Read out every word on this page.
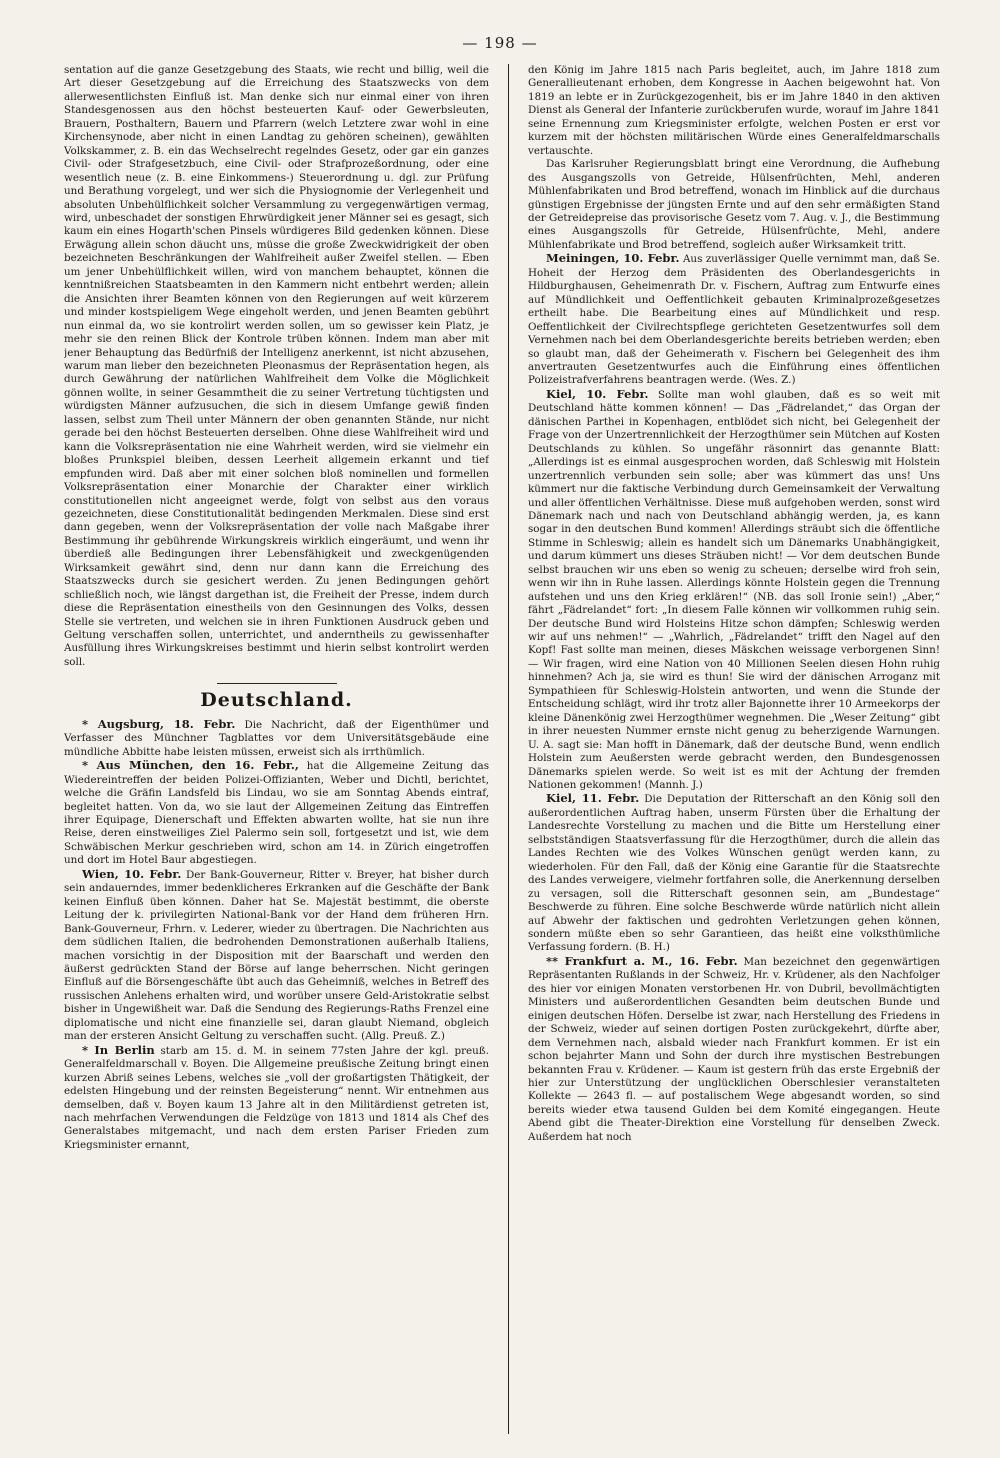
— 198 —

sentation auf die ganze Gesetzgebung des Staats, wie recht und billig, weil die Art dieser Gesetzgebung auf die Erreichung des Staatszwecks von dem allerwesentlichsten Einfluß ist. Man denke sich nur einmal einer von ihren Standesgenossen aus den höchst besteuerten Kauf- oder Gewerbsleuten, Brauern, Posthaltern, Bauern und Pfarrern (welch Letztere zwar wohl in eine Kirchensynode, aber nicht in einen Landtag zu gehören scheinen), gewählten Volkskammer, z. B. ein das Wechselrecht regelndes Gesetz, oder gar ein ganzes Civil- oder Strafgesetzbuch, eine Civil- oder Strafprozeßordnung, oder eine wesentlich neue (z. B. eine Einkommens-) Steuerordnung u. dgl. zur Prüfung und Berathung vorgelegt, und wer sich die Physiognomie der Verlegenheit und absoluten Unbehülflichkeit solcher Versammlung zu vergegenwärtigen vermag, wird, unbeschadet der sonstigen Ehrwürdigkeit jener Männer sei es gesagt, sich kaum ein eines Hogarth'schen Pinsels würdigeres Bild gedenken können. Diese Erwägung allein schon däucht uns, müsse die große Zweckwidrigkeit der oben bezeichneten Beschränkungen der Wahlfreiheit außer Zweifel stellen. — Eben um jener Unbehülflichkeit willen, wird von manchem behauptet, können die kenntnißreichen Staatsbeamten in den Kammern nicht entbehrt werden; allein die Ansichten ihrer Beamten können von den Regierungen auf weit kürzerem und minder kostspieligem Wege eingeholt werden, und jenen Beamten gebührt nun einmal da, wo sie kontrolirt werden sollen, um so gewisser kein Platz, je mehr sie den reinen Blick der Kontrole trüben können. Indem man aber mit jener Behauptung das Bedürfniß der Intelligenz anerkennt, ist nicht abzusehen, warum man lieber den bezeichneten Pleonasmus der Repräsentation hegen, als durch Gewährung der natürlichen Wahlfreiheit dem Volke die Möglichkeit gönnen wollte, in seiner Gesammtheit die zu seiner Vertretung tüchtigsten und würdigsten Männer aufzusuchen, die sich in diesem Umfange gewiß finden lassen, selbst zum Theil unter Männern der oben genannten Stände, nur nicht gerade bei den höchst Besteuerten derselben. Ohne diese Wahlfreiheit wird und kann die Volksrepräsentation nie eine Wahrheit werden, wird sie vielmehr ein bloßes Prunkspiel bleiben, dessen Leerheit allgemein erkannt und tief empfunden wird. Daß aber mit einer solchen bloß nominellen und formellen Volksrepräsentation einer Monarchie der Charakter einer wirklich constitutionellen nicht angeeignet werde, folgt von selbst aus den voraus gezeichneten, diese Constitutionalität bedingenden Merkmalen. Diese sind erst dann gegeben, wenn der Volksrepräsentation der volle nach Maßgabe ihrer Bestimmung ihr gebührende Wirkungskreis wirklich eingeräumt, und wenn ihr überdieß alle Bedingungen ihrer Lebensfähigkeit und zweckgenügenden Wirksamkeit gewährt sind, denn nur dann kann die Erreichung des Staatszwecks durch sie gesichert werden. Zu jenen Bedingungen gehört schließlich noch, wie längst dargethan ist, die Freiheit der Presse, indem durch diese die Repräsentation einestheils von den Gesinnungen des Volks, dessen Stelle sie vertreten, und welchen sie in ihren Funktionen Ausdruck geben und Geltung verschaffen sollen, unterrichtet, und anderntheils zu gewissenhafter Ausfüllung ihres Wirkungskreises bestimmt und hierin selbst kontrolirt werden soll.

Deutschland.

* Augsburg, 18. Febr. Die Nachricht, daß der Eigenthümer und Verfasser des Münchner Tagblattes vor dem Universitätsgebäude eine mündliche Abbitte habe leisten müssen, erweist sich als irrthümlich.

* Aus München, den 16. Febr., hat die Allgemeine Zeitung das Wiedereintreffen der beiden Polizei-Offizianten, Weber und Dichtl, berichtet, welche die Gräfin Landsfeld bis Lindau, wo sie am Sonntag Abends eintraf, begleitet hatten. Von da, wo sie laut der Allgemeinen Zeitung das Eintreffen ihrer Equipage, Dienerschaft und Effekten abwarten wollte, hat sie nun ihre Reise, deren einstweiliges Ziel Palermo sein soll, fortgesetzt und ist, wie dem Schwäbischen Merkur geschrieben wird, schon am 14. in Zürich eingetroffen und dort im Hotel Baur abgestiegen.

Wien, 10. Febr. Der Bank-Gouverneur, Ritter v. Breyer, hat bisher durch sein andauerndes, immer bedenklicheres Erkranken auf die Geschäfte der Bank keinen Einfluß üben können. Daher hat Se. Majestät bestimmt, die oberste Leitung der k. privilegirten National-Bank vor der Hand dem früheren Hrn. Bank-Gouverneur, Frhrn. v. Lederer, wieder zu übertragen. Die Nachrichten aus dem südlichen Italien, die bedrohenden Demonstrationen außerhalb Italiens, machen vorsichtig in der Disposition mit der Baarschaft und werden den äußerst gedrückten Stand der Börse auf lange beherrschen. Nicht geringen Einfluß auf die Börsengeschäfte übt auch das Geheimniß, welches in Betreff des russischen Anlehens erhalten wird, und worüber unsere Geld-Aristokratie selbst bisher in Ungewißheit war. Daß die Sendung des Regierungs-Raths Frenzel eine diplomatische und nicht eine finanzielle sei, daran glaubt Niemand, obgleich man der ersteren Ansicht Geltung zu verschaffen sucht. (Allg. Preuß. Z.)

* In Berlin starb am 15. d. M. in seinem 77sten Jahre der kgl. preuß. Generalfeldmarschall v. Boyen. Die Allgemeine preußische Zeitung bringt einen kurzen Abriß seines Lebens, welches sie „voll der großartigsten Thätigkeit, der edelsten Hingebung und der reinsten Begeisterung“ nennt. Wir entnehmen aus demselben, daß v. Boyen kaum 13 Jahre alt in den Militärdienst getreten ist, nach mehrfachen Verwendungen die Feldzüge von 1813 und 1814 als Chef des Generalstabes mitgemacht, und nach dem ersten Pariser Frieden zum Kriegsminister ernannt,

den König im Jahre 1815 nach Paris begleitet, auch, im Jahre 1818 zum Generallieutenant erhoben, dem Kongresse in Aachen beigewohnt hat. Von 1819 an lebte er in Zurückgezogenheit, bis er im Jahre 1840 in den aktiven Dienst als General der Infanterie zurückberufen wurde, worauf im Jahre 1841 seine Ernennung zum Kriegsminister erfolgte, welchen Posten er erst vor kurzem mit der höchsten militärischen Würde eines Generalfeldmarschalls vertauschte.

Das Karlsruher Regierungsblatt bringt eine Verordnung, die Aufhebung des Ausgangszolls von Getreide, Hülsenfrüchten, Mehl, anderen Mühlenfabrikaten und Brod betreffend, wonach im Hinblick auf die durchaus günstigen Ergebnisse der jüngsten Ernte und auf den sehr ermäßigten Stand der Getreidepreise das provisorische Gesetz vom 7. Aug. v. J., die Bestimmung eines Ausgangszolls für Getreide, Hülsenfrüchte, Mehl, andere Mühlenfabrikate und Brod betreffend, sogleich außer Wirksamkeit tritt.

Meiningen, 10. Febr. Aus zuverlässiger Quelle vernimmt man, daß Se. Hoheit der Herzog dem Präsidenten des Oberlandesgerichts in Hildburghausen, Geheimenrath Dr. v. Fischern, Auftrag zum Entwurfe eines auf Mündlichkeit und Oeffentlichkeit gebauten Kriminalprozeßgesetzes ertheilt habe. Die Bearbeitung eines auf Mündlichkeit und resp. Oeffentlichkeit der Civilrechtspflege gerichteten Gesetzentwurfes soll dem Vernehmen nach bei dem Oberlandesgerichte bereits betrieben werden; eben so glaubt man, daß der Geheimerath v. Fischern bei Gelegenheit des ihm anvertrauten Gesetzentwurfes auch die Einführung eines öffentlichen Polizeistrafverfahrens beantragen werde. (Wes. Z.)

Kiel, 10. Febr. Sollte man wohl glauben, daß es so weit mit Deutschland hätte kommen können! — Das „Fädrelandet,“ das Organ der dänischen Parthei in Kopenhagen, entblödet sich nicht, bei Gelegenheit der Frage von der Unzertrennlichkeit der Herzogthümer sein Mütchen auf Kosten Deutschlands zu kühlen. So ungefähr räsonnirt das genannte Blatt: „Allerdings ist es einmal ausgesprochen worden, daß Schleswig mit Holstein unzertrennlich verbunden sein solle; aber was kümmert das uns! Uns kümmert nur die faktische Verbindung durch Gemeinsamkeit der Verwaltung und aller öffentlichen Verhältnisse. Diese muß aufgehoben werden, sonst wird Dänemark nach und nach von Deutschland abhängig werden, ja, es kann sogar in den deutschen Bund kommen! Allerdings sträubt sich die öffentliche Stimme in Schleswig; allein es handelt sich um Dänemarks Unabhängigkeit, und darum kümmert uns dieses Sträuben nicht! — Vor dem deutschen Bunde selbst brauchen wir uns eben so wenig zu scheuen; derselbe wird froh sein, wenn wir ihn in Ruhe lassen. Allerdings könnte Holstein gegen die Trennung aufstehen und uns den Krieg erklären!“ (NB. das soll Ironie sein!) „Aber,“ fährt „Fädrelandet“ fort: „In diesem Falle können wir vollkommen ruhig sein. Der deutsche Bund wird Holsteins Hitze schon dämpfen; Schleswig werden wir auf uns nehmen!“ — „Wahrlich, „Fädrelandet“ trifft den Nagel auf den Kopf! Fast sollte man meinen, dieses Mäskchen weissage verborgenen Sinn! — Wir fragen, wird eine Nation von 40 Millionen Seelen diesen Hohn ruhig hinnehmen? Ach ja, sie wird es thun! Sie wird der dänischen Arroganz mit Sympathieen für Schleswig-Holstein antworten, und wenn die Stunde der Entscheidung schlägt, wird ihr trotz aller Bajonnette ihrer 10 Armeekorps der kleine Dänenkönig zwei Herzogthümer wegnehmen. Die „Weser Zeitung“ gibt in ihrer neuesten Nummer ernste nicht genug zu beherzigende Warnungen. U. A. sagt sie: Man hofft in Dänemark, daß der deutsche Bund, wenn endlich Holstein zum Aeußersten werde gebracht werden, den Bundesgenossen Dänemarks spielen werde. So weit ist es mit der Achtung der fremden Nationen gekommen! (Mannh. J.)

Kiel, 11. Febr. Die Deputation der Ritterschaft an den König soll den außerordentlichen Auftrag haben, unserm Fürsten über die Erhaltung der Landesrechte Vorstellung zu machen und die Bitte um Herstellung einer selbstständigen Staatsverfassung für die Herzogthümer, durch die allein das Landes Rechten wie des Volkes Wünschen genügt werden kann, zu wiederholen. Für den Fall, daß der König eine Garantie für die Staatsrechte des Landes verweigere, vielmehr fortfahren solle, die Anerkennung derselben zu versagen, soll die Ritterschaft gesonnen sein, am „Bundestage“ Beschwerde zu führen. Eine solche Beschwerde würde natürlich nicht allein auf Abwehr der faktischen und gedrohten Verletzungen gehen können, sondern müßte eben so sehr Garantieen, das heißt eine volksthümliche Verfassung fordern. (B. H.)

** Frankfurt a. M., 16. Febr. Man bezeichnet den gegenwärtigen Repräsentanten Rußlands in der Schweiz, Hr. v. Krüdener, als den Nachfolger des hier vor einigen Monaten verstorbenen Hr. von Dubril, bevollmächtigten Ministers und außerordentlichen Gesandten beim deutschen Bunde und einigen deutschen Höfen. Derselbe ist zwar, nach Herstellung des Friedens in der Schweiz, wieder auf seinen dortigen Posten zurückgekehrt, dürfte aber, dem Vernehmen nach, alsbald wieder nach Frankfurt kommen. Er ist ein schon bejahrter Mann und Sohn der durch ihre mystischen Bestrebungen bekannten Frau v. Krüdener. — Kaum ist gestern früh das erste Ergebniß der hier zur Unterstützung der unglücklichen Oberschlesier veranstalteten Kollekte — 2643 fl. — auf postalischem Wege abgesandt worden, so sind bereits wieder etwa tausend Gulden bei dem Komité eingegangen. Heute Abend gibt die Theater-Direktion eine Vorstellung für denselben Zweck. Außerdem hat noch
